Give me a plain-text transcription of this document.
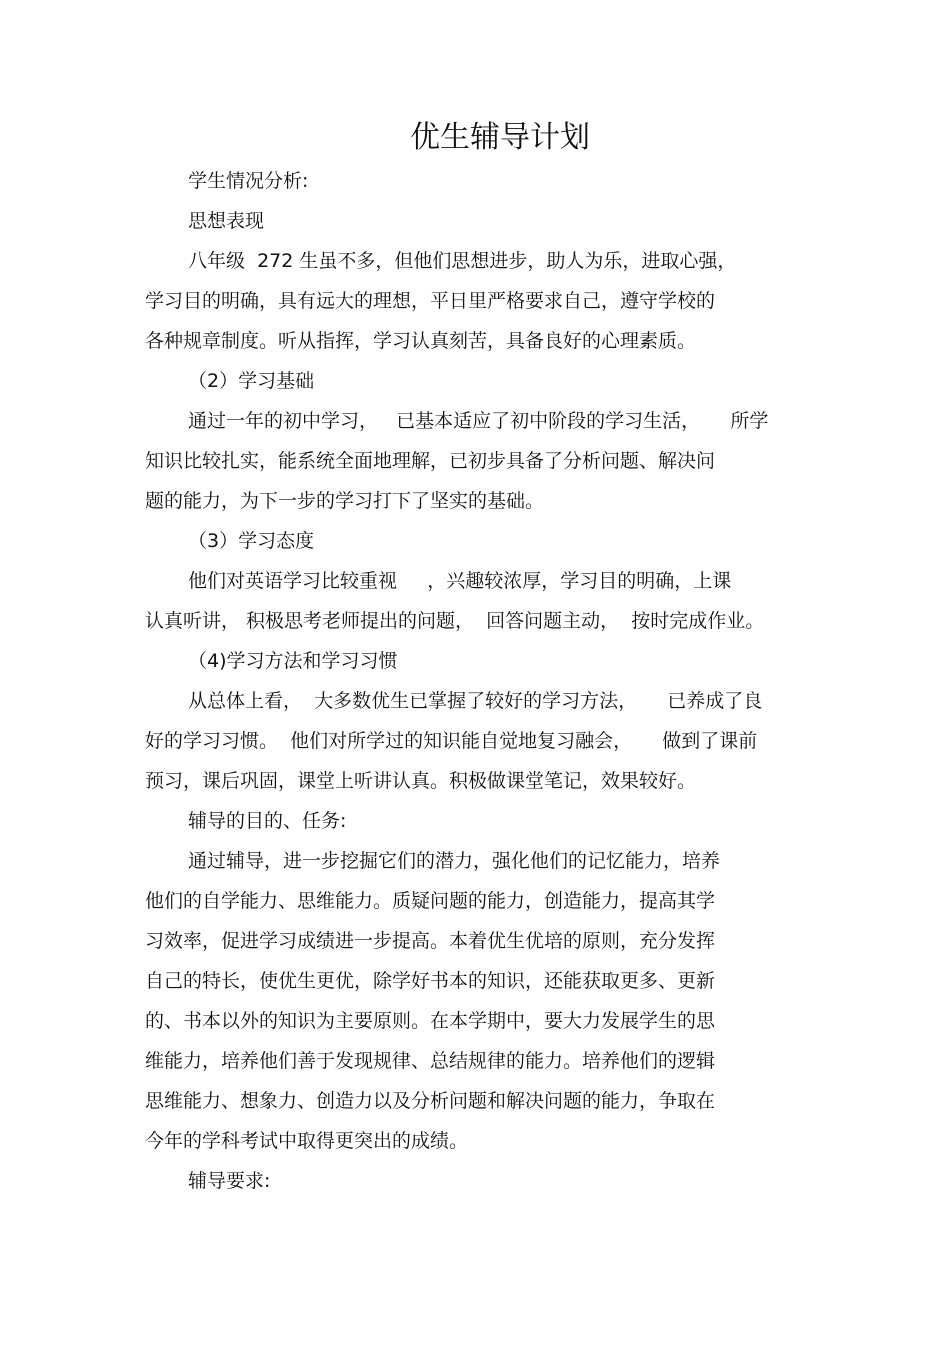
优生辅导计划

学生情况分析:

思想表现

八年级  272 生虽不多，但他们思想进步，助人为乐，进取心强，

学习目的明确，具有远大的理想，平日里严格要求自己，遵守学校的

各种规章制度。听从指挥，学习认真刻苦，具备良好的心理素质。

（2）学习基础

通过一年的初中学习，   已基本适应了初中阶段的学习生活，     所学

知识比较扎实，能系统全面地理解，已初步具备了分析问题、解决问

题的能力，为下一步的学习打下了坚实的基础。

（3）学习态度

他们对英语学习比较重视     ，兴趣较浓厚，学习目的明确，上课

认真听讲， 积极思考老师提出的问题，  回答问题主动，  按时完成作业。

（4)学习方法和学习习惯

从总体上看，  大多数优生已掌握了较好的学习方法，     已养成了良

好的学习习惯。  他们对所学过的知识能自觉地复习融会，     做到了课前

预习，课后巩固，课堂上听讲认真。积极做课堂笔记，效果较好。

辅导的目的、任务:

通过辅导，进一步挖掘它们的潜力，强化他们的记忆能力，培养

他们的自学能力、思维能力。质疑问题的能力，创造能力，提高其学

习效率，促进学习成绩进一步提高。本着优生优培的原则，充分发挥

自己的特长，使优生更优，除学好书本的知识，还能获取更多、更新

的、书本以外的知识为主要原则。在本学期中，要大力发展学生的思

维能力，培养他们善于发现规律、总结规律的能力。培养他们的逻辑

思维能力、想象力、创造力以及分析问题和解决问题的能力，争取在

今年的学科考试中取得更突出的成绩。

辅导要求:
